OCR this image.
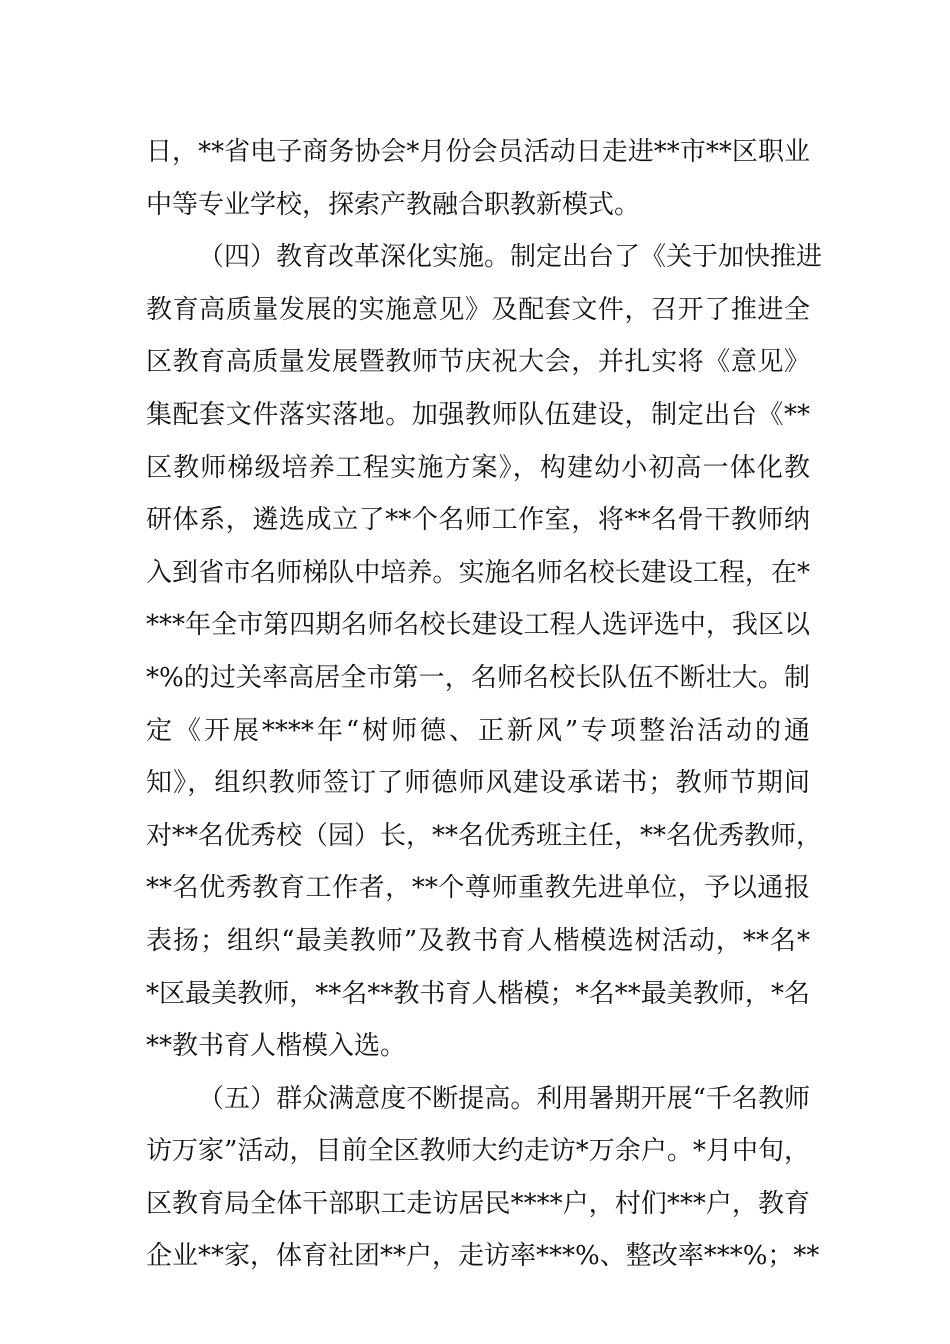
日，**省电子商务协会*月份会员活动日走进**市**区职业
中等专业学校，探索产教融合职教新模式。
（四）教育改革深化实施。制定出台了《关于加快推进
教育高质量发展的实施意见》及配套文件，召开了推进全
区教育高质量发展暨教师节庆祝大会，并扎实将《意见》
集配套文件落实落地。加强教师队伍建设，制定出台《**
区教师梯级培养工程实施方案》，构建幼小初高一体化教
研体系，遴选成立了**个名师工作室，将**名骨干教师纳
入到省市名师梯队中培养。实施名师名校长建设工程，在*
***年全市第四期名师名校长建设工程人选评选中，我区以
*%的过关率高居全市第一，名师名校长队伍不断壮大。制
定《开展****年“树师德、正新风”专项整治活动的通
知》，组织教师签订了师德师风建设承诺书；教师节期间
对**名优秀校（园）长，**名优秀班主任，**名优秀教师，
**名优秀教育工作者，**个尊师重教先进单位，予以通报
表扬；组织“最美教师”及教书育人楷模选树活动，**名*
*区最美教师，**名**教书育人楷模；*名**最美教师，*名
**教书育人楷模入选。
（五）群众满意度不断提高。利用暑期开展“千名教师
访万家”活动，目前全区教师大约走访*万余户。*月中旬，
区教育局全体干部职工走访居民****户，村们***户，教育
企业**家，体育社团**户，走访率***%、整改率***%；**
